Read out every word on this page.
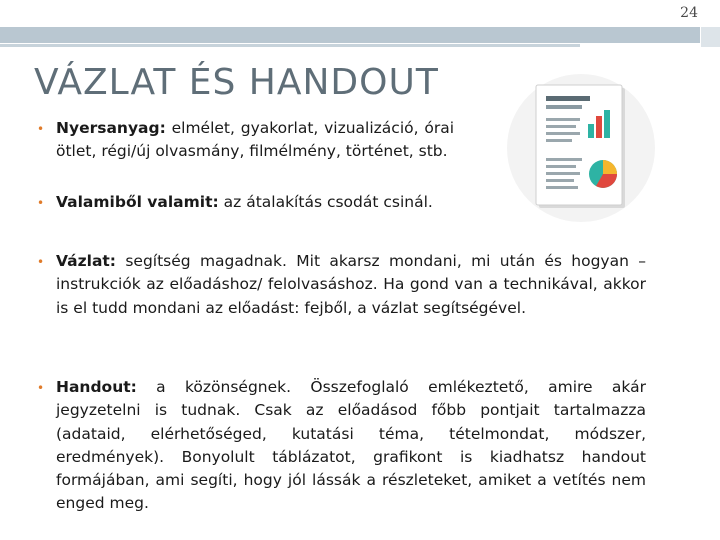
24
VÁZLAT ÉS HANDOUT
• Nyersanyag: elmélet, gyakorlat, vizualizáció, órai ötlet, régi/új olvasmány, filmélmény, történet, stb.
• Valamiből valamit: az átalakítás csodát csinál.
• Vázlat: segítség magadnak. Mit akarsz mondani, mi után és hogyan – instrukciók az előadáshoz/ felolvasáshoz. Ha gond van a technikával, akkor is el tudd mondani az előadást: fejből, a vázlat segítségével.
• Handout: a közönségnek. Összefoglaló emlékeztető, amire akár jegyzetelni is tudnak. Csak az előadásod főbb pontjait tartalmazza (adataid, elérhetőséged, kutatási téma, tételmondat, módszer, eredmények). Bonyolult táblázatot, grafikont is kiadhatsz handout formájában, ami segíti, hogy jól lássák a részleteket, amiket a vetítés nem enged meg.
